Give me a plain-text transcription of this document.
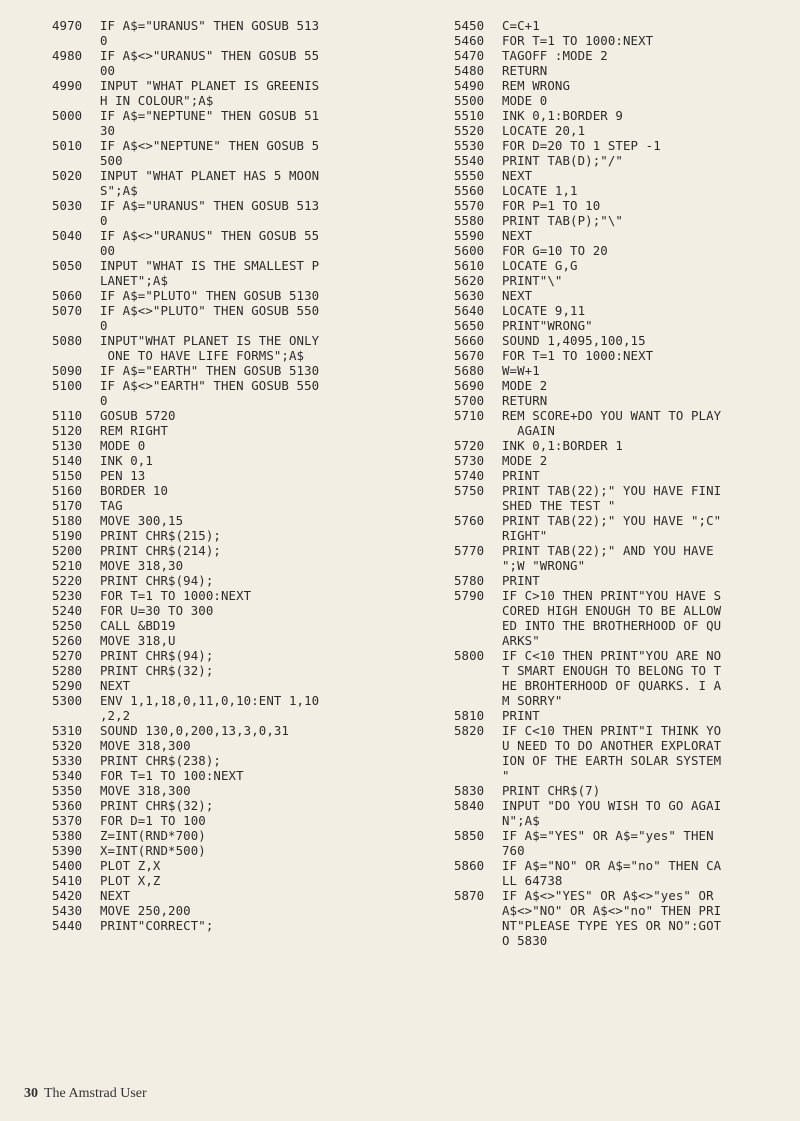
4970	IF A$="URANUS" THEN GOSUB 513
0
4980	IF A$<>"URANUS" THEN GOSUB 55
00
4990	INPUT "WHAT PLANET IS GREENIS
H IN COLOUR";A$
5000	IF A$="NEPTUNE" THEN GOSUB 51
30
5010	IF A$<>"NEPTUNE" THEN GOSUB 5
500
5020	INPUT "WHAT PLANET HAS 5 MOON
S";A$
5030	IF A$="URANUS" THEN GOSUB 513
0
5040	IF A$<>"URANUS" THEN GOSUB 55
00
5050	INPUT "WHAT IS THE SMALLEST P
LANET";A$
5060	IF A$="PLUTO" THEN GOSUB 5130
5070	IF A$<>"PLUTO" THEN GOSUB 550
0
5080	INPUT"WHAT PLANET IS THE ONLY
ONE TO HAVE LIFE FORMS";A$
5090	IF A$="EARTH" THEN GOSUB 5130
5100	IF A$<>"EARTH" THEN GOSUB 550
0
5110	GOSUB 5720
5120	REM RIGHT
5130	MODE 0
5140	INK 0,1
5150	PEN 13
5160	BORDER 10
5170	TAG
5180	MOVE 300,15
5190	PRINT CHR$(215);
5200	PRINT CHR$(214);
5210	MOVE 318,30
5220	PRINT CHR$(94);
5230	FOR T=1 TO 1000:NEXT
5240	FOR U=30 TO 300
5250	CALL &BD19
5260	MOVE 318,U
5270	PRINT CHR$(94);
5280	PRINT CHR$(32);
5290	NEXT
5300	ENV 1,1,18,0,11,0,10:ENT 1,10
,2,2
5310	SOUND 130,0,200,13,3,0,31
5320	MOVE 318,300
5330	PRINT CHR$(238);
5340	FOR T=1 TO 100:NEXT
5350	MOVE 318,300
5360	PRINT CHR$(32);
5370	FOR D=1 TO 100
5380	Z=INT(RND*700)
5390	X=INT(RND*500)
5400	PLOT Z,X
5410	PLOT X,Z
5420	NEXT
5430	MOVE 250,200
5440	PRINT"CORRECT";
5450	C=C+1
5460	FOR T=1 TO 1000:NEXT
5470	TAGOFF :MODE 2
5480	RETURN
5490	REM WRONG
5500	MODE 0
5510	INK 0,1:BORDER 9
5520	LOCATE 20,1
5530	FOR D=20 TO 1 STEP -1
5540	PRINT TAB(D);"/"
5550	NEXT
5560	LOCATE 1,1
5570	FOR P=1 TO 10
5580	PRINT TAB(P);"\"
5590	NEXT
5600	FOR G=10 TO 20
5610	LOCATE G,G
5620	PRINT"\"
5630	NEXT
5640	LOCATE 9,11
5650	PRINT"WRONG"
5660	SOUND 1,4095,100,15
5670	FOR T=1 TO 1000:NEXT
5680	W=W+1
5690	MODE 2
5700	RETURN
5710	REM SCORE+DO YOU WANT TO PLAY
AGAIN
5720	INK 0,1:BORDER 1
5730	MODE 2
5740	PRINT
5750	PRINT TAB(22);" YOU HAVE FINI
SHED THE TEST "
5760	PRINT TAB(22);" YOU HAVE ";C"
RIGHT"
5770	PRINT TAB(22);" AND YOU HAVE
";W "WRONG"
5780	PRINT
5790	IF C>10 THEN PRINT"YOU HAVE S
CORED HIGH ENOUGH TO BE ALLOW
ED INTO THE BROTHERHOOD OF QU
ARKS"
5800	IF C<10 THEN PRINT"YOU ARE NO
T SMART ENOUGH TO BELONG TO T
HE BROHTERHOOD OF QUARKS. I A
M SORRY"
5810	PRINT
5820	IF C<10 THEN PRINT"I THINK YO
U NEED TO DO ANOTHER EXPLORAT
ION OF THE EARTH SOLAR SYSTEM
"
5830	PRINT CHR$(7)
5840	INPUT "DO YOU WISH TO GO AGAI
N";A$
5850	IF A$="YES" OR A$="yes" THEN
760
5860	IF A$="NO" OR A$="no" THEN CA
LL 64738
5870	IF A$<>"YES" OR A$<>"yes" OR
A$<>"NO" OR A$<>"no" THEN PRI
NT"PLEASE TYPE YES OR NO":GOT
O 5830
30 The Amstrad User
